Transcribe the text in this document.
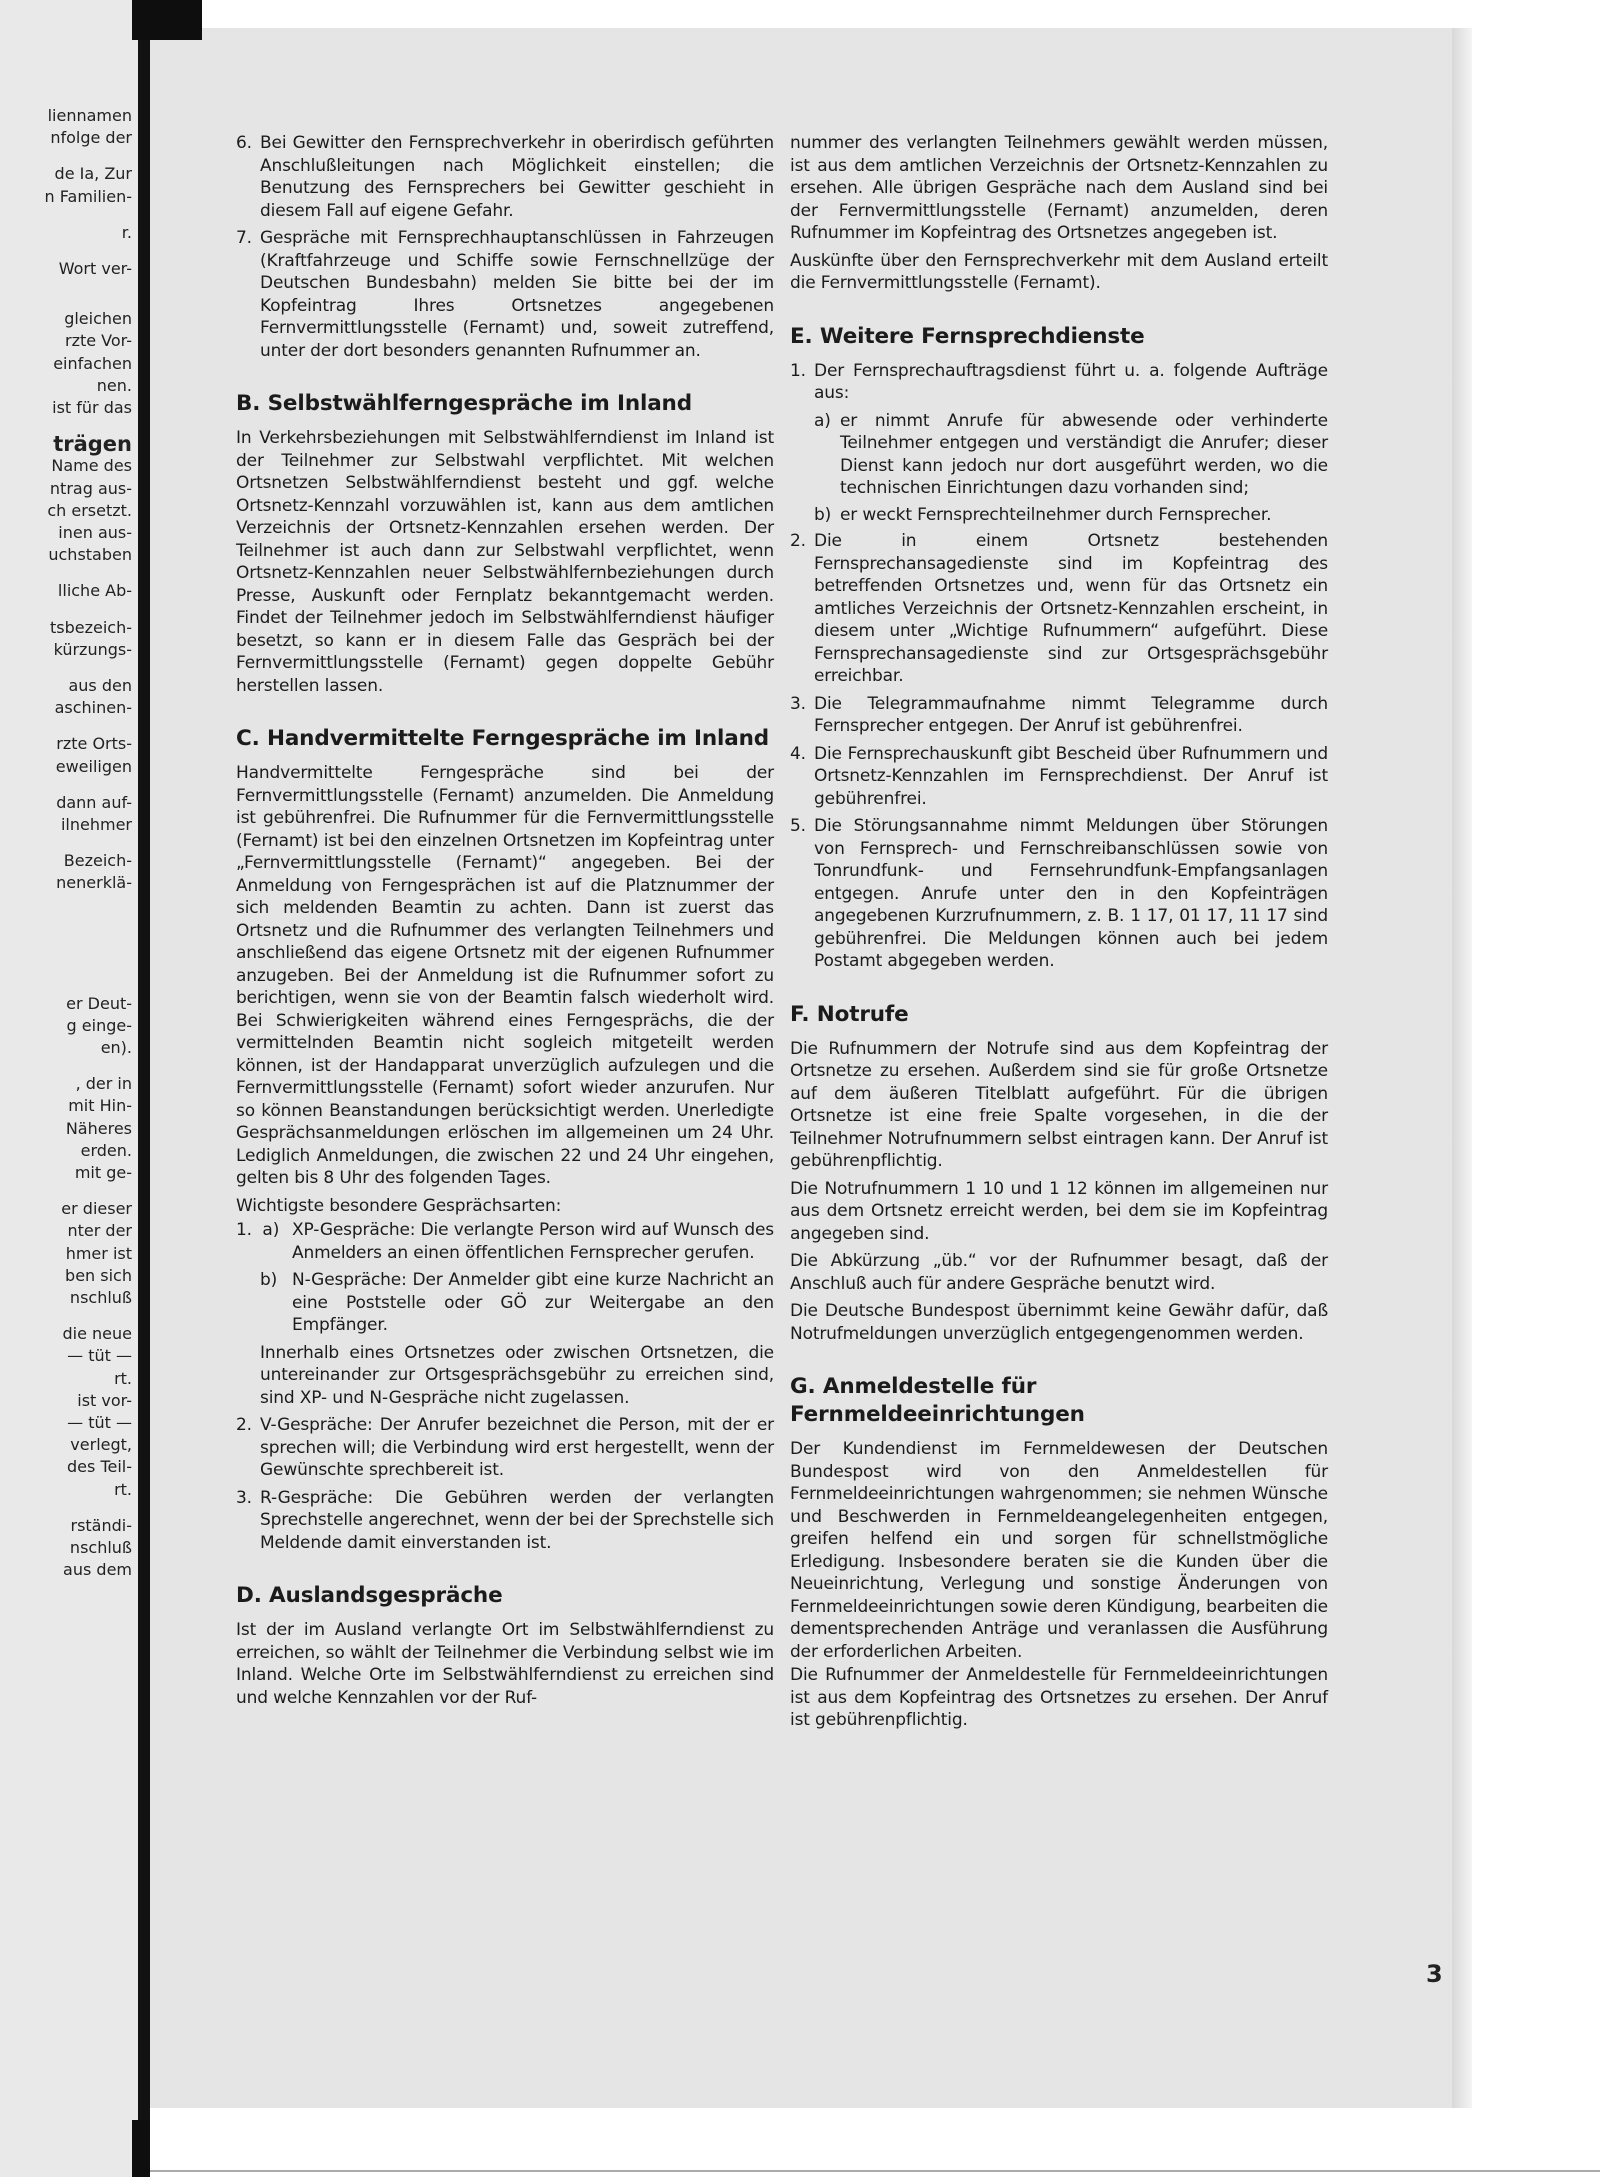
liennamen
nfolge der
de Ia, Zur
n Familien-
r.
Wort ver-
gleichen
rzte Vor-
einfachen
nen.
ist für das
trägen
Name des
ntrag aus-
ch ersetzt.
inen aus-
uchstaben
lliche Ab-
tsbezeich-
kürzungs-
aus den
aschinen-
rzte Orts-
eweiligen
dann auf-
ilnehmer
Bezeich-
nenerklä-
er Deut-
g einge-
en).
, der in
mit Hin-
Näheres
erden.
mit ge-
er dieser
nter der
hmer ist
ben sich
nschluß
die neue
— tüt —
rt.
ist vor-
— tüt —
verlegt,
des Teil-
rt.
rständi-
nschluß
aus dem
6. Bei Gewitter den Fernsprechverkehr in oberirdisch geführten Anschlußleitungen nach Möglichkeit einstellen; die Benutzung des Fernsprechers bei Gewitter geschieht in diesem Fall auf eigene Gefahr.
7. Gespräche mit Fernsprechhauptanschlüssen in Fahrzeugen (Kraftfahrzeuge und Schiffe sowie Fernschnellzüge der Deutschen Bundesbahn) melden Sie bitte bei der im Kopfeintrag Ihres Ortsnetzes angegebenen Fernvermittlungsstelle (Fernamt) und, soweit zutreffend, unter der dort besonders genannten Rufnummer an.
B. Selbstwählferngespräche im Inland

In Verkehrsbeziehungen mit Selbstwählferndienst im Inland ist der Teilnehmer zur Selbstwahl verpflichtet. Mit welchen Ortsnetzen Selbstwählferndienst besteht und ggf. welche Ortsnetz-Kennzahl vorzuwählen ist, kann aus dem amtlichen Verzeichnis der Ortsnetz-Kennzahlen ersehen werden. Der Teilnehmer ist auch dann zur Selbstwahl verpflichtet, wenn Ortsnetz-Kennzahlen neuer Selbstwählfernbeziehungen durch Presse, Auskunft oder Fernplatz bekanntgemacht werden. Findet der Teilnehmer jedoch im Selbstwählferndienst häufiger besetzt, so kann er in diesem Falle das Gespräch bei der Fernvermittlungsstelle (Fernamt) gegen doppelte Gebühr herstellen lassen.

C. Handvermittelte Ferngespräche im Inland

Handvermittelte Ferngespräche sind bei der Fernvermittlungsstelle (Fernamt) anzumelden. Die Anmeldung ist gebührenfrei. Die Rufnummer für die Fernvermittlungsstelle (Fernamt) ist bei den einzelnen Ortsnetzen im Kopfeintrag unter „Fernvermittlungsstelle (Fernamt)“ angegeben. Bei der Anmeldung von Ferngesprächen ist auf die Platznummer der sich meldenden Beamtin zu achten. Dann ist zuerst das Ortsnetz und die Rufnummer des verlangten Teilnehmers und anschließend das eigene Ortsnetz mit der eigenen Rufnummer anzugeben. Bei der Anmeldung ist die Rufnummer sofort zu berichtigen, wenn sie von der Beamtin falsch wiederholt wird. Bei Schwierigkeiten während eines Ferngesprächs, die der vermittelnden Beamtin nicht sogleich mitgeteilt werden können, ist der Handapparat unverzüglich aufzulegen und die Fernvermittlungsstelle (Fernamt) sofort wieder anzurufen. Nur so können Beanstandungen berücksichtigt werden. Unerledigte Gesprächsanmeldungen erlöschen im allgemeinen um 24 Uhr. Lediglich Anmeldungen, die zwischen 22 und 24 Uhr eingehen, gelten bis 8 Uhr des folgenden Tages.

Wichtigste besondere Gesprächsarten:

1.  a) XP-Gespräche: Die verlangte Person wird auf Wunsch des Anmelders an einen öffentlichen Fernsprecher gerufen.
b) N-Gespräche: Der Anmelder gibt eine kurze Nachricht an eine Poststelle oder GÖ zur Weitergabe an den Empfänger.

Innerhalb eines Ortsnetzes oder zwischen Ortsnetzen, die untereinander zur Ortsgesprächsgebühr zu erreichen sind, sind XP- und N-Gespräche nicht zugelassen.

2. V-Gespräche: Der Anrufer bezeichnet die Person, mit der er sprechen will; die Verbindung wird erst hergestellt, wenn der Gewünschte sprechbereit ist.
3. R-Gespräche: Die Gebühren werden der verlangten Sprechstelle angerechnet, wenn der bei der Sprechstelle sich Meldende damit einverstanden ist.
D. Auslandsgespräche

Ist der im Ausland verlangte Ort im Selbstwählferndienst zu erreichen, so wählt der Teilnehmer die Verbindung selbst wie im Inland. Welche Orte im Selbstwählferndienst zu erreichen sind und welche Kennzahlen vor der Ruf-

nummer des verlangten Teilnehmers gewählt werden müssen, ist aus dem amtlichen Verzeichnis der Ortsnetz-Kennzahlen zu ersehen. Alle übrigen Gespräche nach dem Ausland sind bei der Fernvermittlungsstelle (Fernamt) anzumelden, deren Rufnummer im Kopfeintrag des Ortsnetzes angegeben ist.

Auskünfte über den Fernsprechverkehr mit dem Ausland erteilt die Fernvermittlungsstelle (Fernamt).

E. Weitere Fernsprechdienste
1. Der Fernsprechauftragsdienst führt u. a. folgende Aufträge aus:
a) er nimmt Anrufe für abwesende oder verhinderte Teilnehmer entgegen und verständigt die Anrufer; dieser Dienst kann jedoch nur dort ausgeführt werden, wo die technischen Einrichtungen dazu vorhanden sind;
b) er weckt Fernsprechteilnehmer durch Fernsprecher.
2. Die in einem Ortsnetz bestehenden Fernsprechansagedienste sind im Kopfeintrag des betreffenden Ortsnetzes und, wenn für das Ortsnetz ein amtliches Verzeichnis der Ortsnetz-Kennzahlen erscheint, in diesem unter „Wichtige Rufnummern“ aufgeführt. Diese Fernsprechansagedienste sind zur Ortsgesprächsgebühr erreichbar.
3. Die Telegrammaufnahme nimmt Telegramme durch Fernsprecher entgegen. Der Anruf ist gebührenfrei.
4. Die Fernsprechauskunft gibt Bescheid über Rufnummern und Ortsnetz-Kennzahlen im Fernsprechdienst. Der Anruf ist gebührenfrei.
5. Die Störungsannahme nimmt Meldungen über Störungen von Fernsprech- und Fernschreibanschlüssen sowie von Tonrundfunk- und Fernsehrundfunk-Empfangsanlagen entgegen. Anrufe unter den in den Kopfeinträgen angegebenen Kurzrufnummern, z. B. 1 17, 01 17, 11 17 sind gebührenfrei. Die Meldungen können auch bei jedem Postamt abgegeben werden.
F. Notrufe

Die Rufnummern der Notrufe sind aus dem Kopfeintrag der Ortsnetze zu ersehen. Außerdem sind sie für große Ortsnetze auf dem äußeren Titelblatt aufgeführt. Für die übrigen Ortsnetze ist eine freie Spalte vorgesehen, in die der Teilnehmer Notrufnummern selbst eintragen kann. Der Anruf ist gebührenpflichtig.

Die Notrufnummern 1 10 und 1 12 können im allgemeinen nur aus dem Ortsnetz erreicht werden, bei dem sie im Kopfeintrag angegeben sind.

Die Abkürzung „üb.“ vor der Rufnummer besagt, daß der Anschluß auch für andere Gespräche benutzt wird.

Die Deutsche Bundespost übernimmt keine Gewähr dafür, daß Notrufmeldungen unverzüglich entgegengenommen werden.

G. Anmeldestelle für Fernmeldeeinrichtungen

Der Kundendienst im Fernmeldewesen der Deutschen Bundespost wird von den Anmeldestellen für Fernmeldeeinrichtungen wahrgenommen; sie nehmen Wünsche und Beschwerden in Fernmeldeangelegenheiten entgegen, greifen helfend ein und sorgen für schnellstmögliche Erledigung. Insbesondere beraten sie die Kunden über die Neueinrichtung, Verlegung und sonstige Änderungen von Fernmeldeeinrichtungen sowie deren Kündigung, bearbeiten die dementsprechenden Anträge und veranlassen die Ausführung der erforderlichen Arbeiten.

Die Rufnummer der Anmeldestelle für Fernmeldeeinrichtungen ist aus dem Kopfeintrag des Ortsnetzes zu ersehen. Der Anruf ist gebührenpflichtig.

3
